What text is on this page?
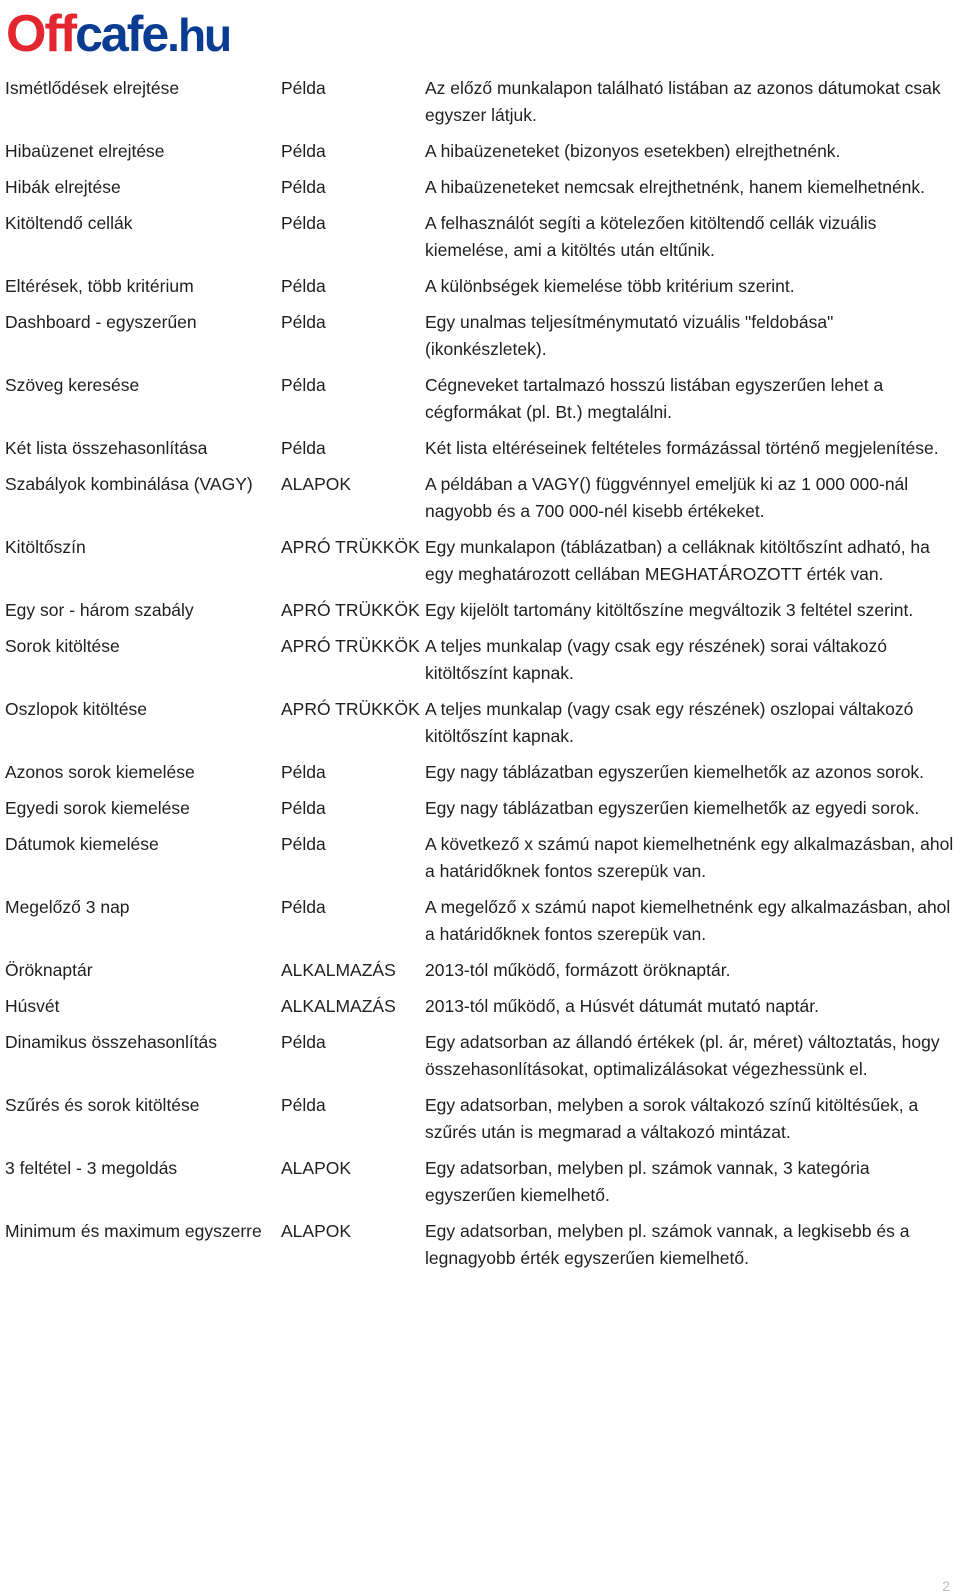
Offcafe.hu
Ismétlődések elrejtése	Példa	Az előző munkalapon található listában az azonos dátumokat csak egyszer látjuk.
Hibaüzenet elrejtése	Példa	A hibaüzeneteket (bizonyos esetekben) elrejthetnénk.
Hibák elrejtése	Példa	A hibaüzeneteket nemcsak elrejthetnénk, hanem kiemelhetnénk.
Kitöltendő cellák	Példa	A felhasználót segíti a kötelezően kitöltendő cellák vizuális kiemelése, ami a kitöltés után eltűnik.
Eltérések, több kritérium	Példa	A különbségek kiemelése több kritérium szerint.
Dashboard - egyszerűen	Példa	Egy unalmas teljesítménymutató vizuális "feldobása" (ikonkészletek).
Szöveg keresése	Példa	Cégneveket tartalmazó hosszú listában egyszerűen lehet a cégformákat (pl. Bt.) megtalálni.
Két lista összehasonlítása	Példa	Két lista eltéréseinek feltételes formázással történő megjelenítése.
Szabályok kombinálása (VAGY)	ALAPOK	A példában a VAGY() függvénnyel emeljük ki az 1 000 000-nál nagyobb és a 700 000-nél kisebb értékeket.
Kitöltőszín	APRÓ TRÜKKÖK Egy munkalapon (táblázatban) a celláknak kitöltőszínt adható, ha egy meghatározott cellában MEGHATÁROZOTT érték van.
Egy sor - három szabály	APRÓ TRÜKKÖK Egy kijelölt tartomány kitöltőszíne megváltozik 3 feltétel szerint.
Sorok kitöltése	APRÓ TRÜKKÖK A teljes munkalap (vagy csak egy részének) sorai váltakozó kitöltőszínt kapnak.
Oszlopok kitöltése	APRÓ TRÜKKÖK A teljes munkalap (vagy csak egy részének) oszlopai váltakozó kitöltőszínt kapnak.
Azonos sorok kiemelése	Példa	Egy nagy táblázatban egyszerűen kiemelhetők az azonos sorok.
Egyedi sorok kiemelése	Példa	Egy nagy táblázatban egyszerűen kiemelhetők az egyedi sorok.
Dátumok kiemelése	Példa	A következő x számú napot kiemelhetnénk egy alkalmazásban, ahol a határidőknek fontos szerepük van.
Megelőző 3 nap	Példa	A megelőző x számú napot kiemelhetnénk egy alkalmazásban, ahol a határidőknek fontos szerepük van.
Öröknaptár	ALKALMAZÁS	2013-tól működő, formázott öröknaptár.
Húsvét	ALKALMAZÁS	2013-tól működő, a Húsvét dátumát mutató naptár.
Dinamikus összehasonlítás	Példa	Egy adatsorban az állandó értékek (pl. ár, méret) változtatás, hogy összehasonlításokat, optimalizálásokat végezhessünk el.
Szűrés és sorok kitöltése	Példa	Egy adatsorban, melyben a sorok váltakozó színű kitöltésűek, a szűrés után is megmarad a váltakozó mintázat.
3 feltétel - 3 megoldás	ALAPOK	Egy adatsorban, melyben pl. számok vannak, 3 kategória egyszerűen kiemelhető.
Minimum és maximum egyszerre	ALAPOK	Egy adatsorban, melyben pl. számok vannak, a legkisebb és a legnagyobb érték egyszerűen kiemelhető.
2
